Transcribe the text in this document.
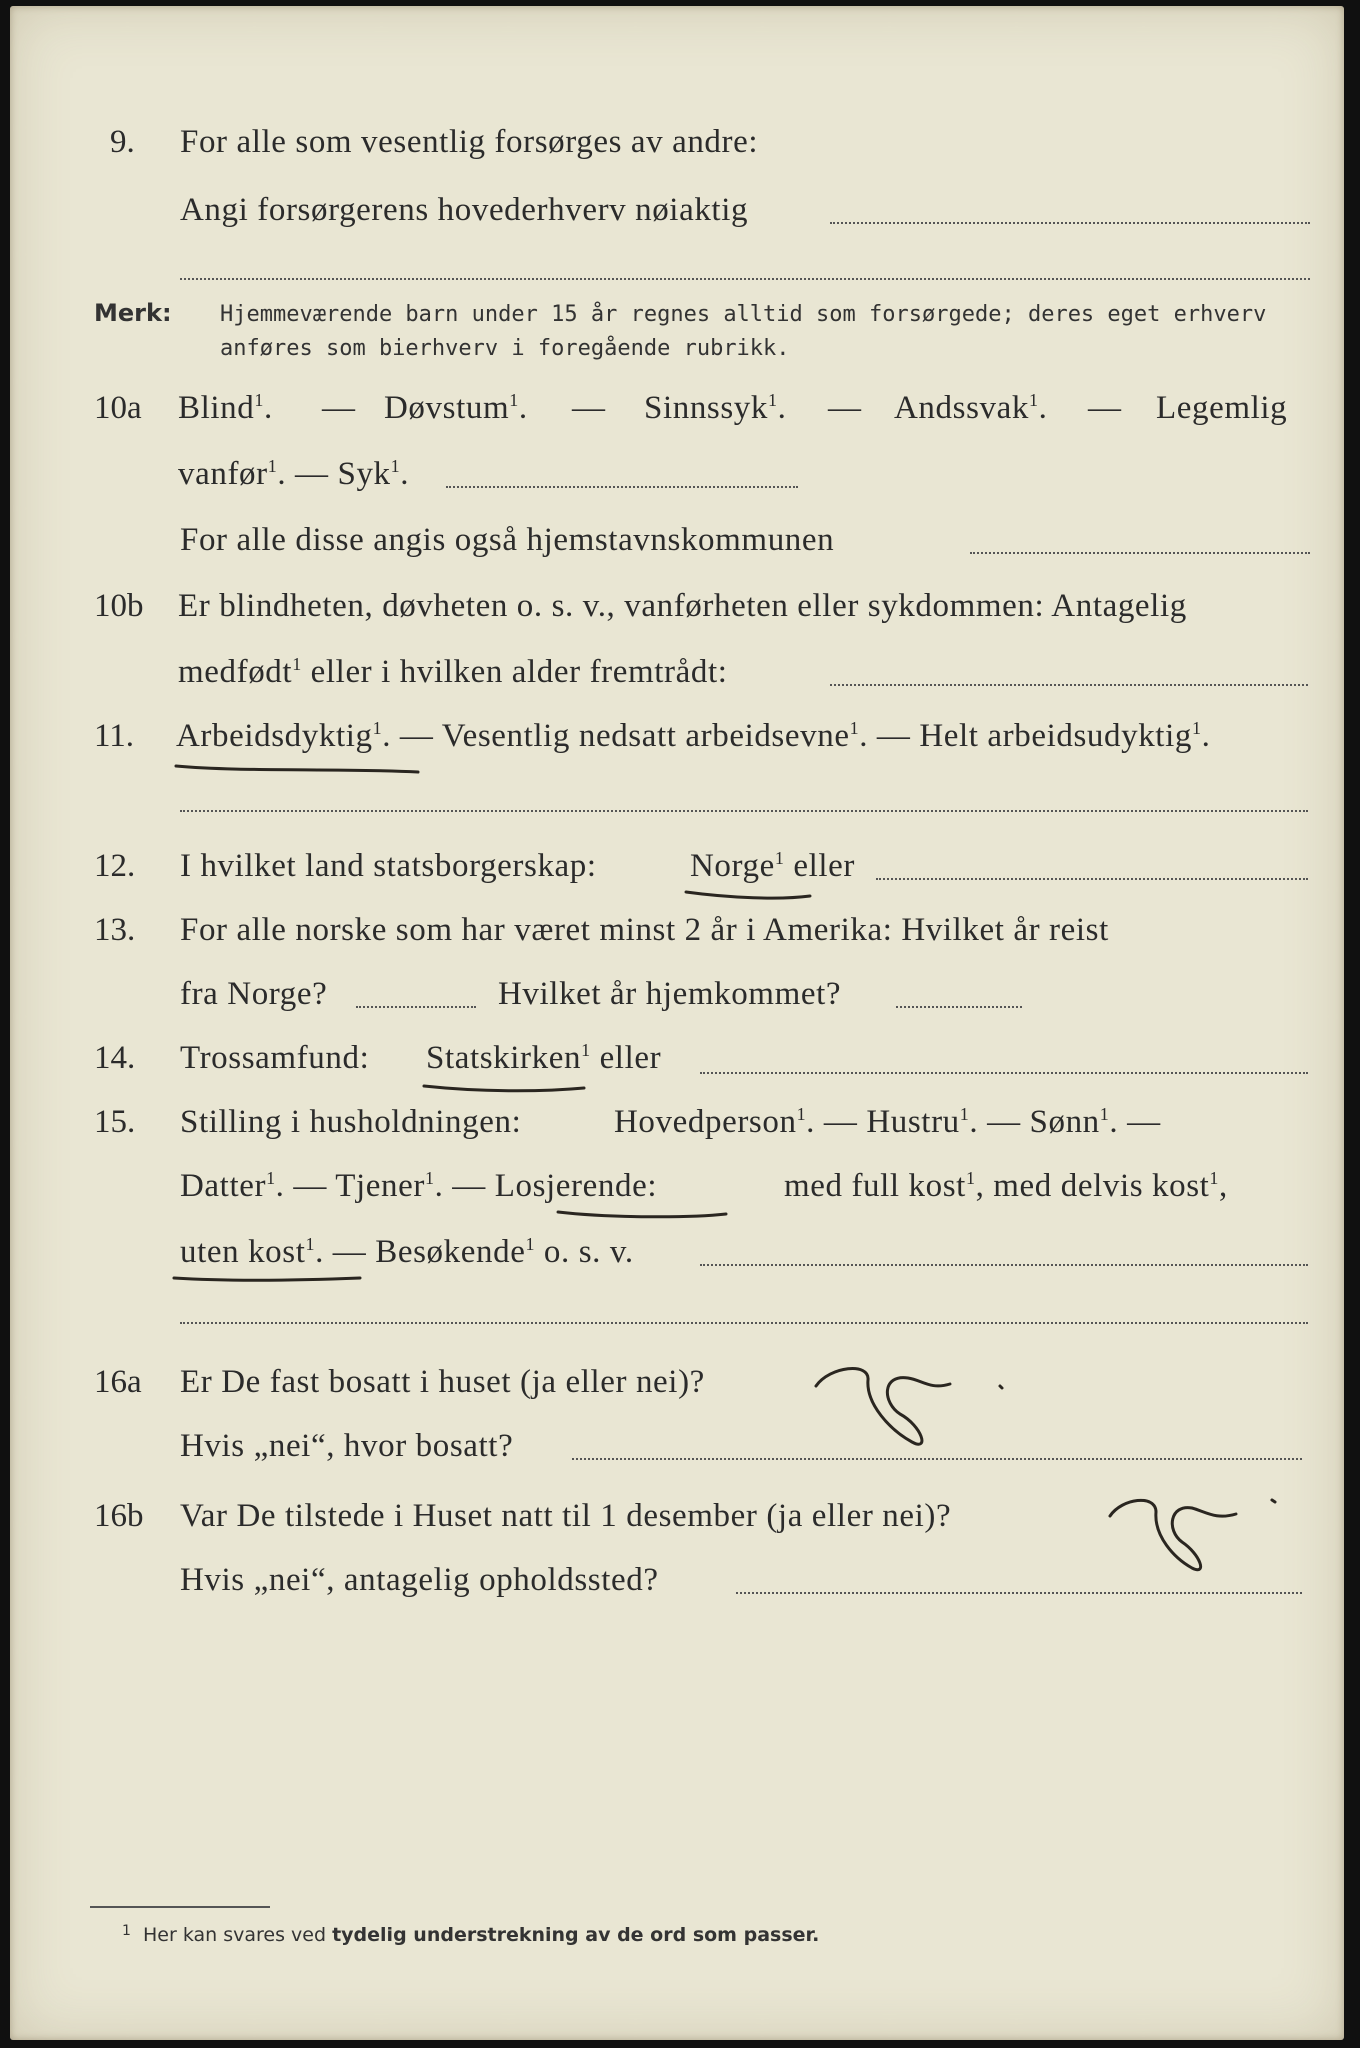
9. For alle som vesentlig forsørges av andre:
Angi forsørgerens hovederhverv nøiaktig
Merk: Hjemmeværende barn under 15 år regnes alltid som forsørgede; deres eget erhverv
anføres som bierhverv i foregående rubrikk.
10a Blind$^1$. — Døvstum$^1$. — Sinnssyk$^1$. — Andssvak$^1$. — Legemlig
vanfør$^1$. — Syk$^1$.
For alle disse angis også hjemstavnskommunen
10b Er blindheten, døvheten o. s. v., vanførheten eller sykdommen: Antagelig
medfødt$^1$ eller i hvilken alder fremtrådt:
11. Arbeidsdyktig$^1$. — Vesentlig nedsatt arbeidsevne$^1$. — Helt arbeidsudyktig$^1$.
12. I hvilket land statsborgerskap:	Norge$^1$ eller
13. For alle norske som har været minst 2 år i Amerika: Hvilket år reist
fra Norge?	Hvilket år hjemkommet?
14. Trossamfund: Statskirken$^1$ eller
15. Stilling i husholdningen:	Hovedperson$^1$. — Hustru$^1$. — Sønn$^1$. —
Datter$^1$. — Tjener$^1$. — Losjerende:	med full kost$^1$, med delvis kost$^1$,
uten kost$^1$. — Besøkende$^1$ o. s. v.
16a Er De fast bosatt i huset (ja eller nei)?
Hvis „nei“, hvor bosatt?
16b Var De tilstede i Huset natt til 1 desember (ja eller nei)?
Hvis „nei“, antagelig opholdssted?
$^1$ Her kan svares ved tydelig understrekning av de ord som passer.
